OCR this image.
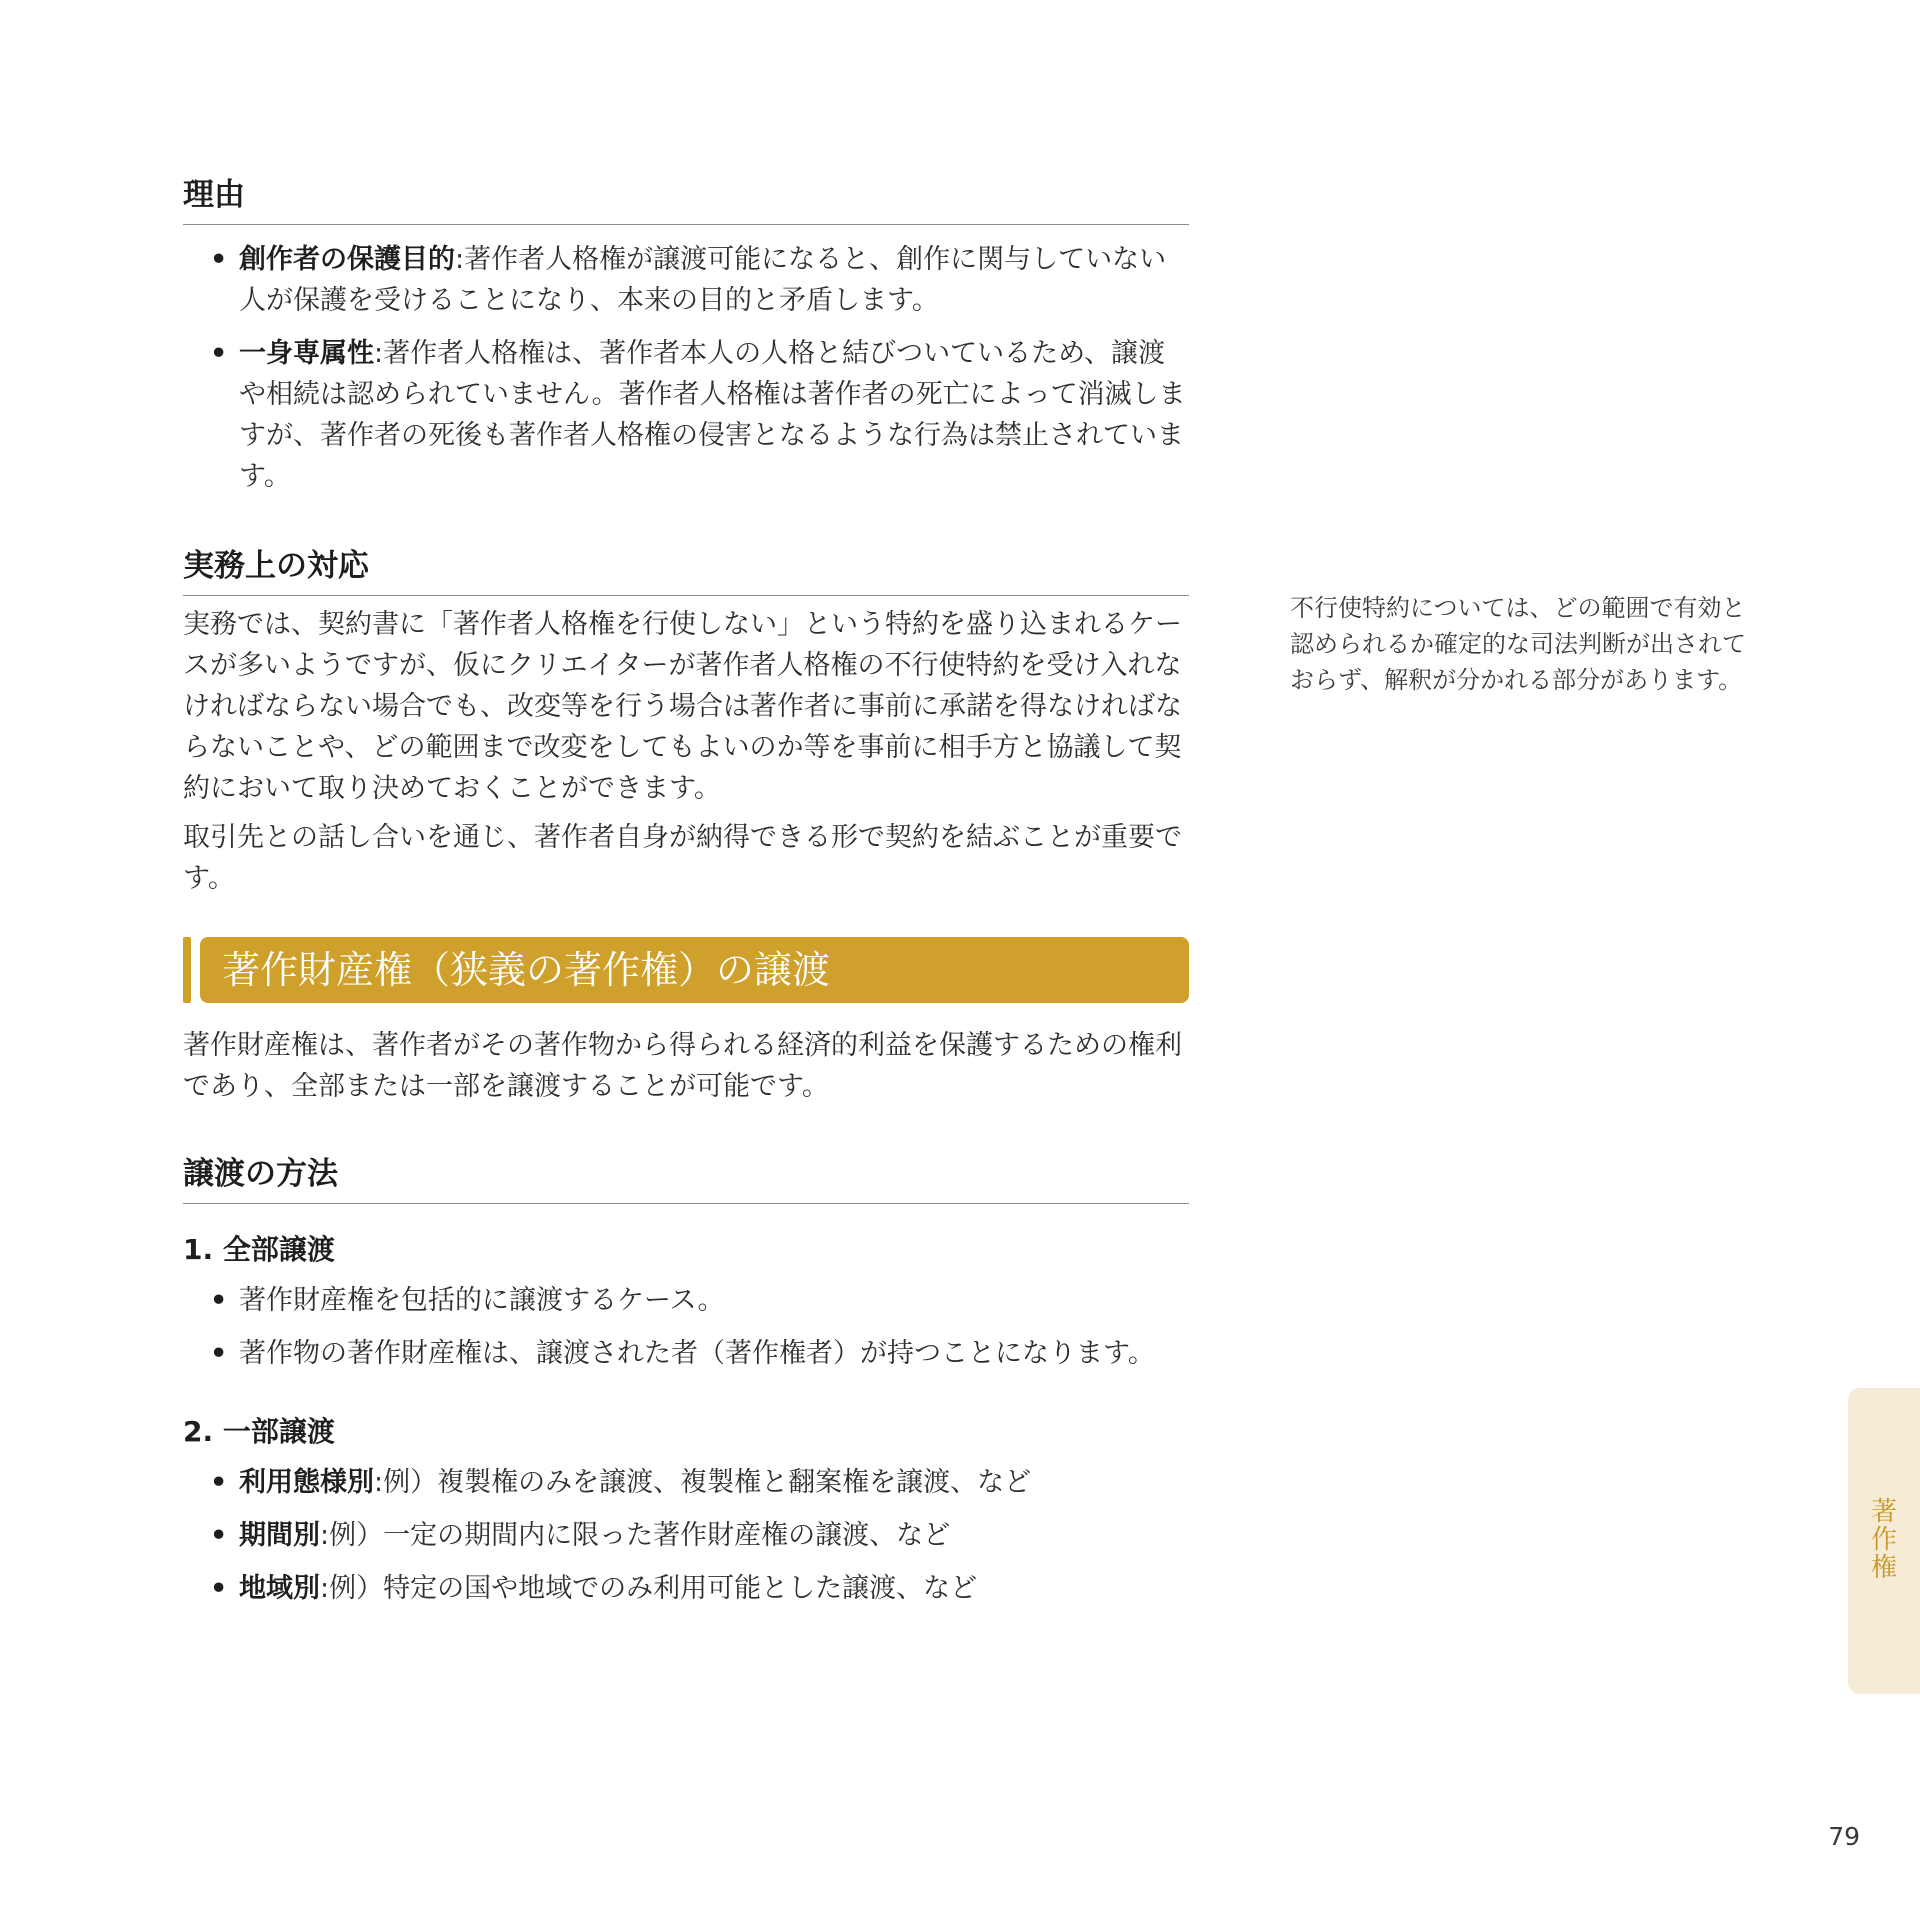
理由
• 創作者の保護目的:著作者人格権が譲渡可能になると、創作に関与していない人が保護を受けることになり、本来の目的と矛盾します。
• 一身専属性:著作者人格権は、著作者本人の人格と結びついているため、譲渡や相続は認められていません。著作者人格権は著作者の死亡によって消滅しますが、著作者の死後も著作者人格権の侵害となるような行為は禁止されています。
実務上の対応

実務では、契約書に「著作者人格権を行使しない」という特約を盛り込まれるケースが多いようですが、仮にクリエイターが著作者人格権の不行使特約を受け入れなければならない場合でも、改変等を行う場合は著作者に事前に承諾を得なければならないことや、どの範囲まで改変をしてもよいのか等を事前に相手方と協議して契約において取り決めておくことができます。

取引先との話し合いを通じ、著作者自身が納得できる形で契約を結ぶことが重要です。

著作財産権（狭義の著作権）の譲渡

著作財産権は、著作者がその著作物から得られる経済的利益を保護するための権利であり、全部または一部を譲渡することが可能です。

譲渡の方法

1. 全部譲渡

• 著作財産権を包括的に譲渡するケース。
• 著作物の著作財産権は、譲渡された者（著作権者）が持つことになります。

2. 一部譲渡

• 利用態様別:例）複製権のみを譲渡、複製権と翻案権を譲渡、など
• 期間別:例）一定の期間内に限った著作財産権の譲渡、など
• 地域別:例）特定の国や地域でのみ利用可能とした譲渡、など
不行使特約については、どの範囲で有効と認められるか確定的な司法判断が出されておらず、解釈が分かれる部分があります。
著
作
権
79
